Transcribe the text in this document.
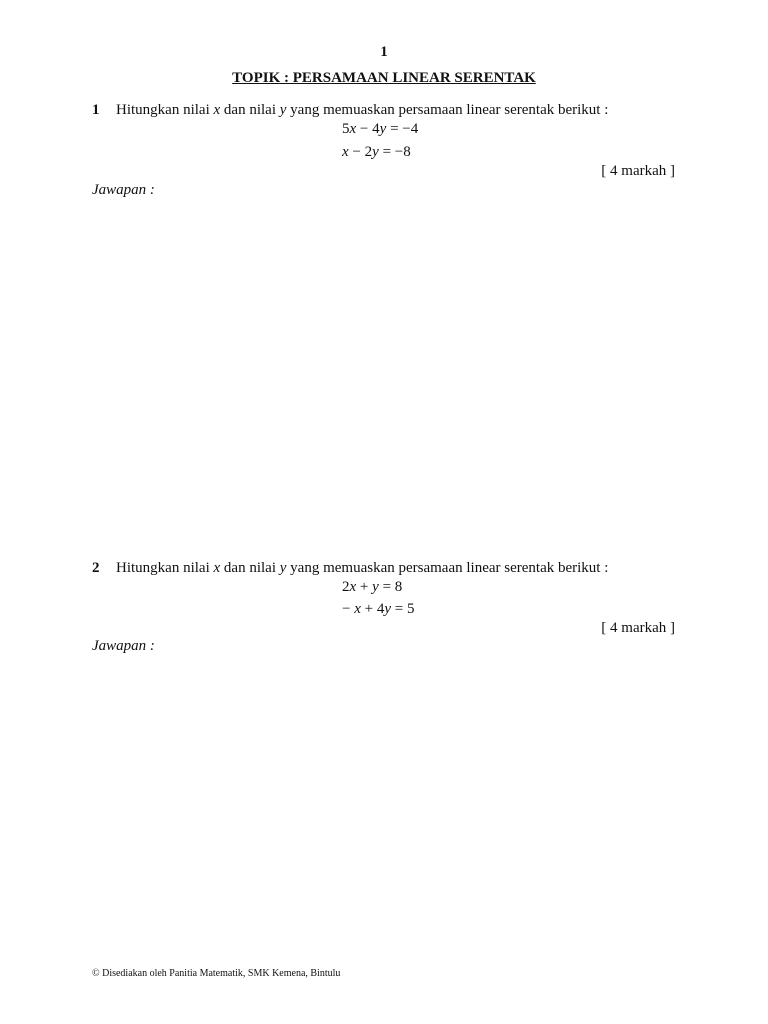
1
TOPIK : PERSAMAAN LINEAR SERENTAK
1 Hitungkan nilai x dan nilai y yang memuaskan persamaan linear serentak berikut :
5x − 4y = −4
x − 2y = −8
[ 4 markah ]
Jawapan :
2 Hitungkan nilai x dan nilai y yang memuaskan persamaan linear serentak berikut :
2x + y = 8
− x + 4y = 5
[ 4 markah ]
Jawapan :
© Disediakan oleh Panitia Matematik, SMK Kemena, Bintulu
